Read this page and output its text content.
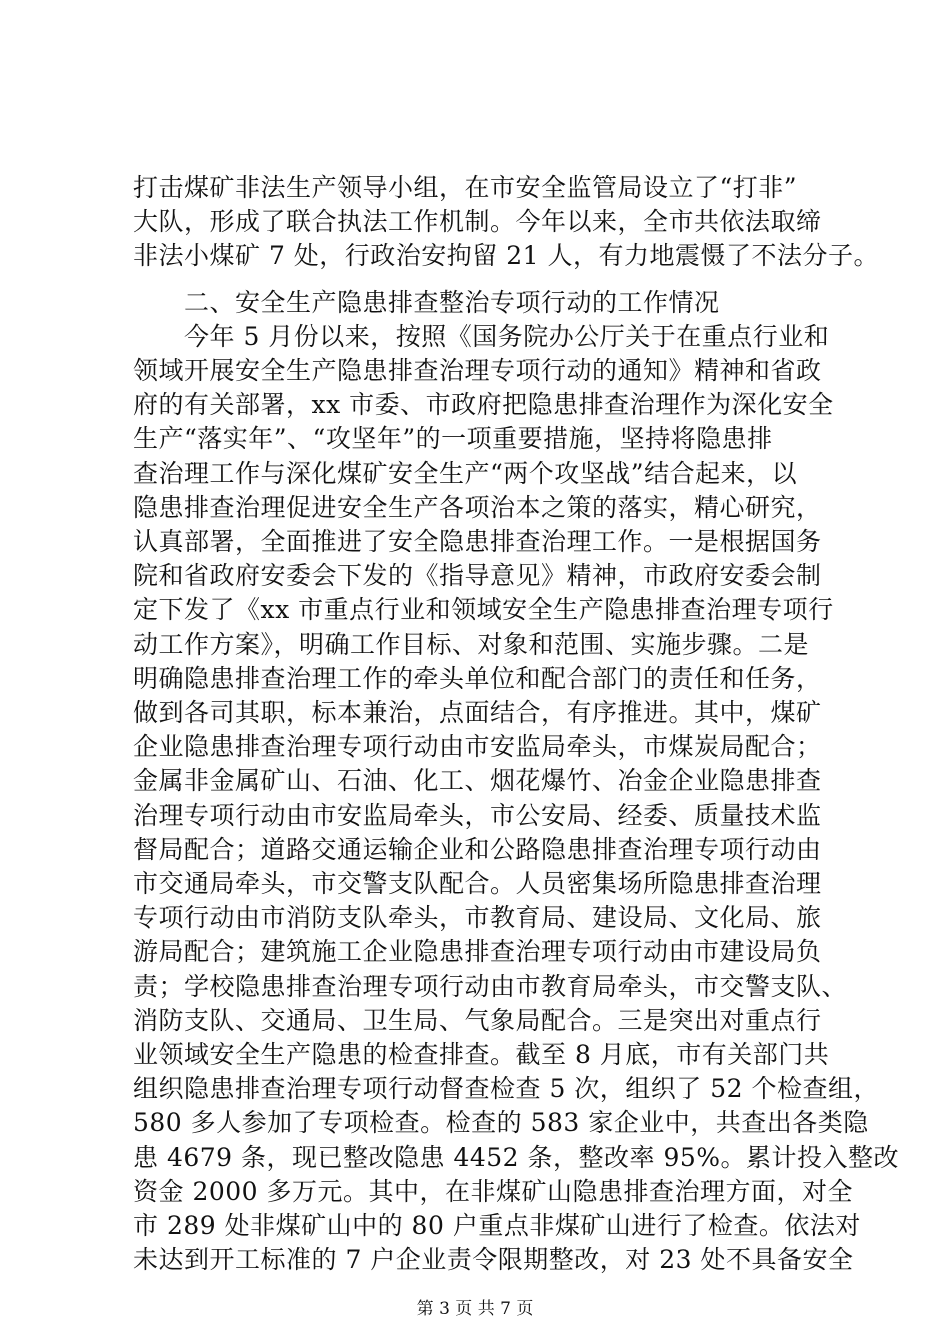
打击煤矿非法生产领导小组，在市安全监管局设立了“打非”
大队，形成了联合执法工作机制。今年以来，全市共依法取缔
非法小煤矿 7 处，行政治安拘留 21 人，有力地震慑了不法分子。
　　二、安全生产隐患排查整治专项行动的工作情况
　　今年 5 月份以来，按照《国务院办公厅关于在重点行业和
领域开展安全生产隐患排查治理专项行动的通知》精神和省政
府的有关部署，xx 市委、市政府把隐患排查治理作为深化安全
生产“落实年”、“攻坚年”的一项重要措施，坚持将隐患排
查治理工作与深化煤矿安全生产“两个攻坚战”结合起来，以
隐患排查治理促进安全生产各项治本之策的落实，精心研究，
认真部署，全面推进了安全隐患排查治理工作。一是根据国务
院和省政府安委会下发的《指导意见》精神，市政府安委会制
定下发了《xx 市重点行业和领域安全生产隐患排查治理专项行
动工作方案》，明确工作目标、对象和范围、实施步骤。二是
明确隐患排查治理工作的牵头单位和配合部门的责任和任务，
做到各司其职，标本兼治，点面结合，有序推进。其中，煤矿
企业隐患排查治理专项行动由市安监局牵头，市煤炭局配合；
金属非金属矿山、石油、化工、烟花爆竹、冶金企业隐患排查
治理专项行动由市安监局牵头，市公安局、经委、质量技术监
督局配合；道路交通运输企业和公路隐患排查治理专项行动由
市交通局牵头，市交警支队配合。人员密集场所隐患排查治理
专项行动由市消防支队牵头，市教育局、建设局、文化局、旅
游局配合；建筑施工企业隐患排查治理专项行动由市建设局负
责；学校隐患排查治理专项行动由市教育局牵头，市交警支队、
消防支队、交通局、卫生局、气象局配合。三是突出对重点行
业领域安全生产隐患的检查排查。截至 8 月底，市有关部门共
组织隐患排查治理专项行动督查检查 5 次，组织了 52 个检查组，
580 多人参加了专项检查。检查的 583 家企业中，共查出各类隐
患 4679 条，现已整改隐患 4452 条，整改率 95%。累计投入整改
第 3 页 共 7 页
资金 2000 多万元。其中，在非煤矿山隐患排查治理方面，对全
市 289 处非煤矿山中的 80 户重点非煤矿山进行了检查。依法对
未达到开工标准的 7 户企业责令限期整改，对 23 处不具备安全
